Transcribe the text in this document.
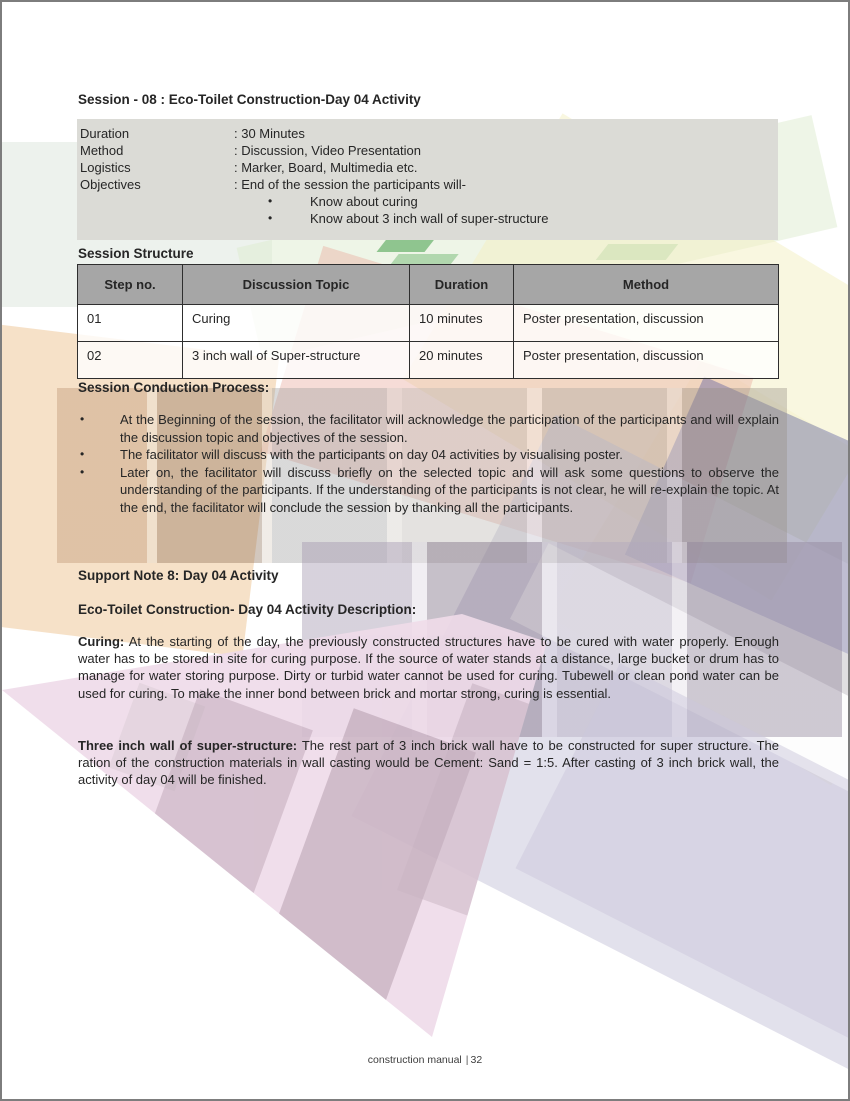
Session - 08 : Eco-Toilet Construction-Day 04 Activity
Duration	: 30 Minutes
Method	: Discussion, Video Presentation
Logistics	: Marker, Board, Multimedia etc.
Objectives	: End of the session the participants will-
•	Know about curing
•	Know about 3 inch wall of super-structure
Session Structure
Step no.	Discussion Topic	Duration	Method
01	Curing	10 minutes	Poster presentation, discussion
02	3 inch wall of Super-structure	20 minutes	Poster presentation, discussion
Session Conduction Process:
•	At the Beginning of the session, the facilitator will acknowledge the participation of the participants and will explain the discussion topic and objectives of the session.
•	The facilitator will discuss with the participants on day 04 activities by visualising poster.
•	Later on, the facilitator will discuss briefly on the selected topic and will ask some questions to observe the understanding of the participants. If the understanding of the participants is not clear, he will re-explain the topic. At the end, the facilitator will conclude the session by thanking all the participants.
Support Note 8: Day 04 Activity
Eco-Toilet Construction- Day 04 Activity Description:
Curing: At the starting of the day, the previously constructed structures have to be cured with water properly. Enough water has to be stored in site for curing purpose. If the source of water stands at a distance, large bucket or drum has to manage for water storing purpose. Dirty or turbid water cannot be used for curing. Tubewell or clean pond water can be used for curing. To make the inner bond between brick and mortar strong, curing is essential.
Three inch wall of super-structure: The rest part of 3 inch brick wall have to be constructed for super structure. The ration of the construction materials in wall casting would be Cement: Sand = 1:5. After casting of 3 inch brick wall, the activity of day 04 will be finished.
construction manual | 32
